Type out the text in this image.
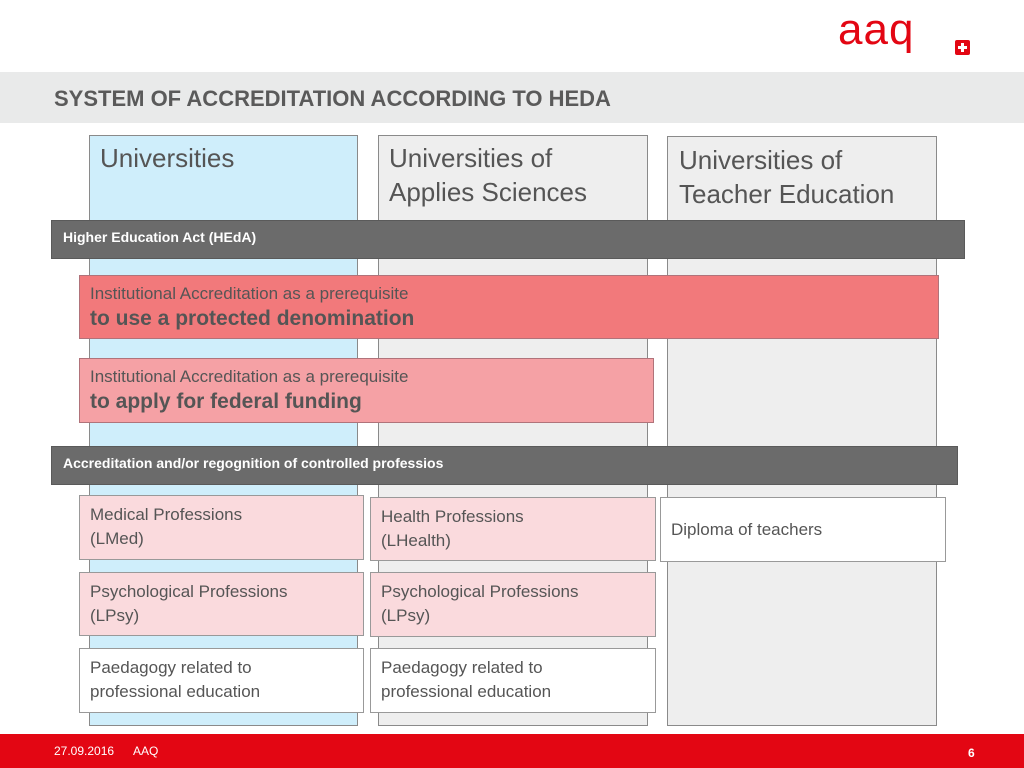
aaq
SYSTEM OF ACCREDITATION ACCORDING TO HEDA
Universities	Universities of
Applies Sciences
Universities of
Teacher Education
Higher Education Act (HEdA)
Institutional Accreditation as a prerequisite
to use a protected denomination
Institutional Accreditation as a prerequisite
to apply for federal funding
Accreditation and/or regognition of controlled professios
Medical Professions
(LMed)
Health Professions
(LHealth)
Diploma of teachers
Psychological Professions
(LPsy)
Psychological Professions
(LPsy)
Paedagogy related to
professional education
Paedagogy related to
professional education
27.09.2016 AAQ	6
